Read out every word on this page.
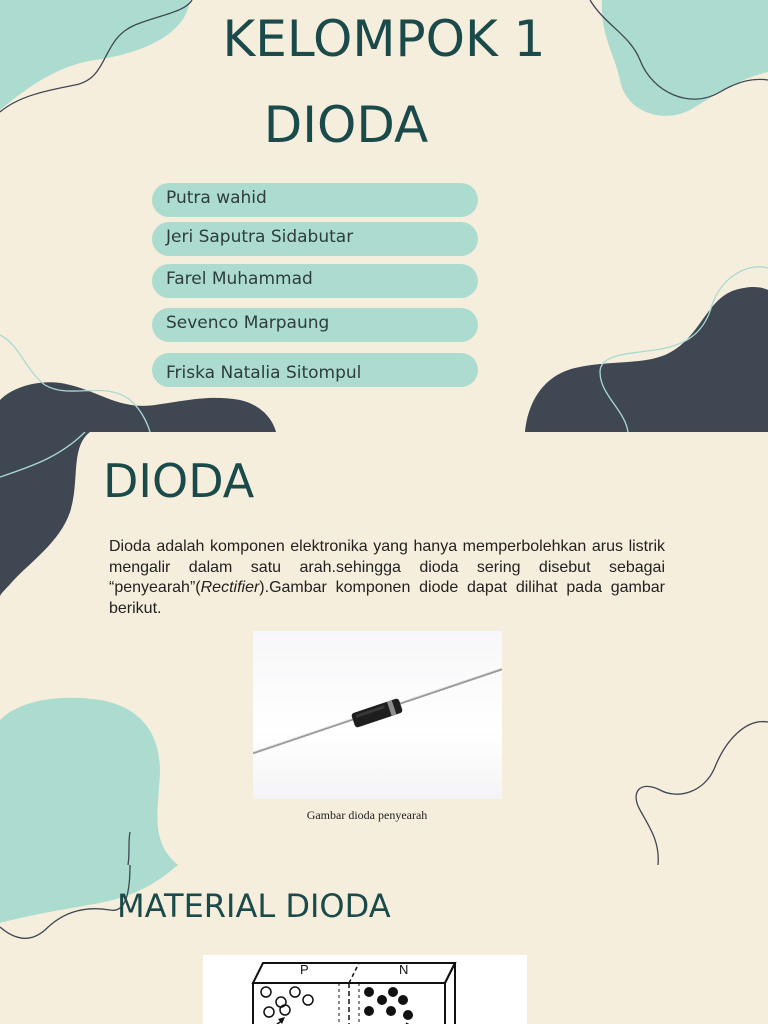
KELOMPOK 1
DIODA
Putra wahid
Jeri Saputra Sidabutar
Farel Muhammad
Sevenco Marpaung
Friska Natalia Sitompul
DIODA

Dioda adalah komponen elektronika yang hanya memperbolehkan arus listrik mengalir dalam satu arah.sehingga dioda sering disebut sebagai “penyearah”(Rectifier).Gambar komponen diode dapat dilihat pada gambar berikut.

Gambar dioda penyearah
MATERIAL DIODA
P	N
